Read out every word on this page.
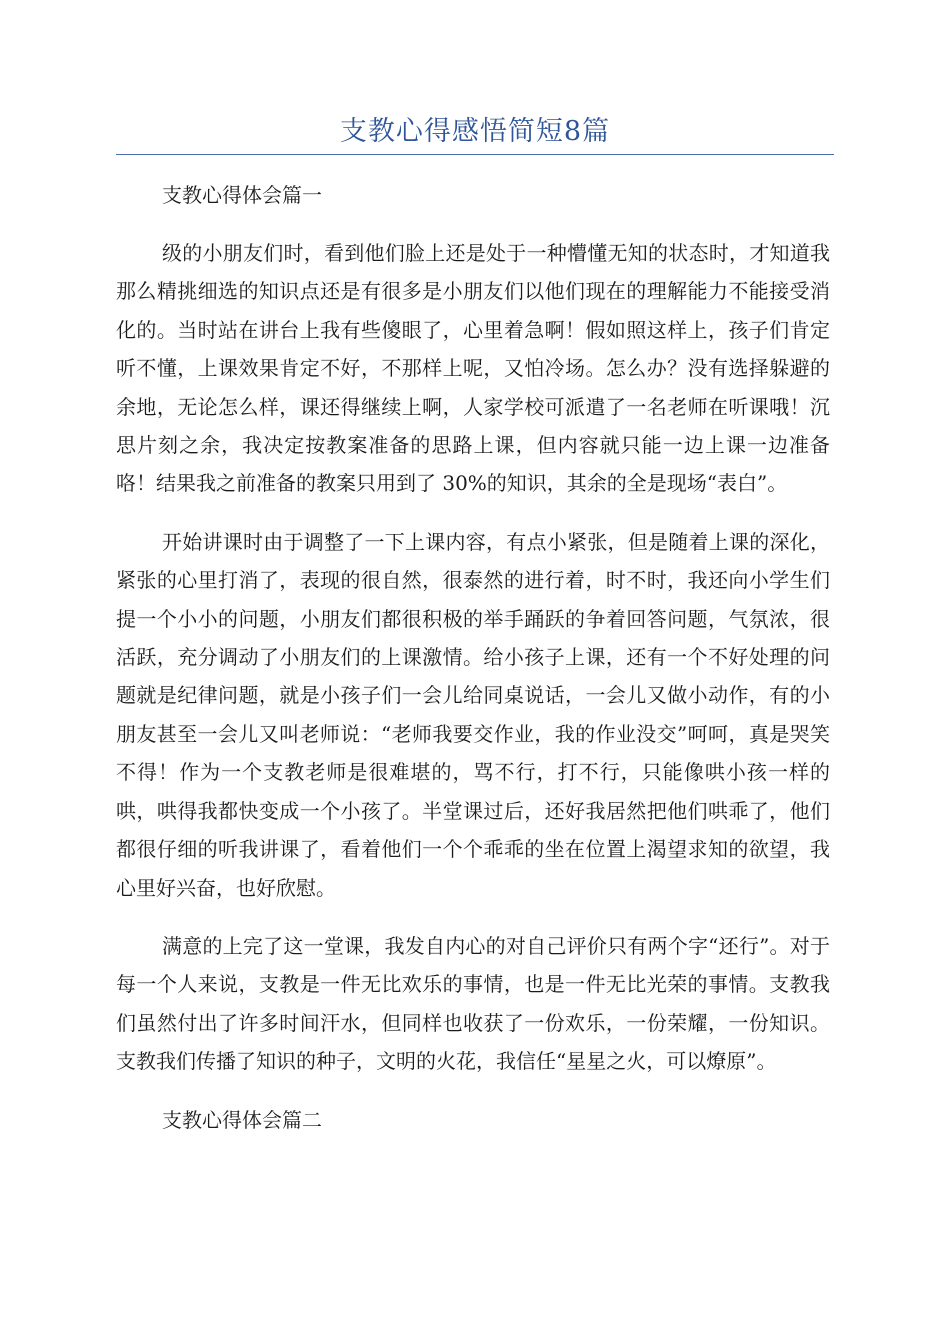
支教心得感悟简短8篇

支教心得体会篇一

级的小朋友们时，看到他们脸上还是处于一种懵懂无知的状态时，才知道我那么精挑细选的知识点还是有很多是小朋友们以他们现在的理解能力不能接受消化的。当时站在讲台上我有些傻眼了，心里着急啊！假如照这样上，孩子们肯定听不懂，上课效果肯定不好，不那样上呢，又怕冷场。怎么办？没有选择躲避的余地，无论怎么样，课还得继续上啊，人家学校可派遣了一名老师在听课哦！沉思片刻之余，我决定按教案准备的思路上课，但内容就只能一边上课一边准备咯！结果我之前准备的教案只用到了 30%的知识，其余的全是现场“表白”。

开始讲课时由于调整了一下上课内容，有点小紧张，但是随着上课的深化，紧张的心里打消了，表现的很自然，很泰然的进行着，时不时，我还向小学生们提一个小小的问题，小朋友们都很积极的举手踊跃的争着回答问题，气氛浓，很活跃，充分调动了小朋友们的上课激情。给小孩子上课，还有一个不好处理的问题就是纪律问题，就是小孩子们一会儿给同桌说话，一会儿又做小动作，有的小朋友甚至一会儿又叫老师说：“老师我要交作业，我的作业没交”呵呵，真是哭笑不得！作为一个支教老师是很难堪的，骂不行，打不行，只能像哄小孩一样的哄，哄得我都快变成一个小孩了。半堂课过后，还好我居然把他们哄乖了，他们都很仔细的听我讲课了，看着他们一个个乖乖的坐在位置上渴望求知的欲望，我心里好兴奋，也好欣慰。

满意的上完了这一堂课，我发自内心的对自己评价只有两个字“还行”。对于每一个人来说，支教是一件无比欢乐的事情，也是一件无比光荣的事情。支教我们虽然付出了许多时间汗水，但同样也收获了一份欢乐，一份荣耀，一份知识。支教我们传播了知识的种子，文明的火花，我信任“星星之火，可以燎原”。

支教心得体会篇二
